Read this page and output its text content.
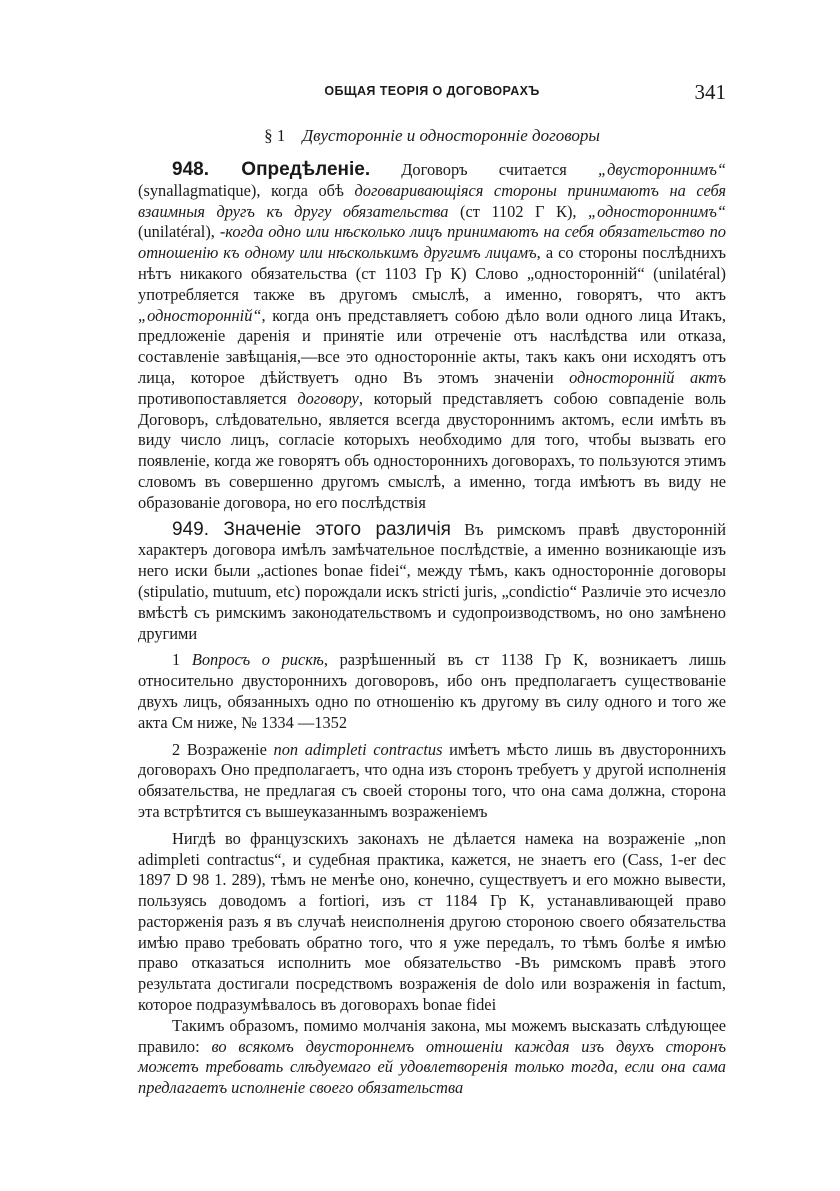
ОБЩАЯ ТЕОРІЯ О ДОГОВОРАХЪ	341
§ 1 Двусторонніе и односторонніе договоры

948. Опредѣленіе. Договоръ считается „двустороннимъ“ (synallagmatique), когда обѣ договаривающіяся стороны принимаютъ на себя взаимныя другъ къ другу обязательства (ст 1102 Г К), „одностороннимъ“ (unilatéral), -когда одно или нѣсколько лицъ принимаютъ на себя обязательство по отношенію къ одному или нѣсколькимъ другимъ лицамъ, а со стороны послѣднихъ нѣтъ никакого обязательства (ст 1103 Гр К) Слово „односторонній“ (unilatéral) употребляется также въ другомъ смыслѣ, а именно, говорятъ, что актъ „односторонній“, когда онъ представляетъ собою дѣло воли одного лица Итакъ, предложеніе даренія и принятіе или отреченіе отъ наслѣдства или отказа, составленіе завѣщанія,—все это односторонніе акты, такъ какъ они исходятъ отъ лица, которое дѣйствуетъ одно Въ этомъ значеніи односторонній актъ противопоставляется договору, который представляетъ собою совпаденіе воль Договоръ, слѣдовательно, является всегда двустороннимъ актомъ, если имѣть въ виду число лицъ, согласіе которыхъ необходимо для того, чтобы вызвать его появленіе, когда же говорятъ объ одностороннихъ договорахъ, то пользуются этимъ словомъ въ совершенно другомъ смыслѣ, а именно, тогда имѣютъ въ виду не образованіе договора, но его послѣдствія

949. Значеніе этого различія Въ римскомъ правѣ двусторонній характеръ договора имѣлъ замѣчательное послѣдствіе, а именно возникающіе изъ него иски были „actiones bonae fidei“, между тѣмъ, какъ односторонніе договоры (stipulatio, mutuum, etc) порождали искъ stricti juris, „condictio“ Различіе это исчезло вмѣстѣ съ римскимъ законодательствомъ и судопроизводствомъ, но оно замѣнено другими

1 Вопросъ о рискѣ, разрѣшенный въ ст 1138 Гр К, возникаетъ лишь относительно двустороннихъ договоровъ, ибо онъ предполагаетъ существованіе двухъ лицъ, обязанныхъ одно по отношенію къ другому въ силу одного и того же акта См ниже, № 1334 —1352

2 Возраженіе non adimpleti contractus имѣетъ мѣсто лишь въ двустороннихъ договорахъ Оно предполагаетъ, что одна изъ сторонъ требуетъ у другой исполненія обязательства, не предлагая съ своей стороны того, что она сама должна, сторона эта встрѣтится съ вышеуказаннымъ возраженіемъ

Нигдѣ во французскихъ законахъ не дѣлается намека на возраженіе „non adimpleti contractus“, и судебная практика, кажется, не знаетъ его (Cass, 1-er dec 1897 D 98 1. 289), тѣмъ не менѣе оно, конечно, существуетъ и его можно вывести, пользуясь доводомъ a fortiori, изъ ст 1184 Гр К, устанавливающей право расторженія разъ я въ случаѣ неисполненія другою стороною своего обязательства имѣю право требовать обратно того, что я уже передалъ, то тѣмъ болѣе я имѣю право отказаться исполнить мое обязательство -Въ римскомъ правѣ этого результата достигали посредствомъ возраженія de dolo или возраженія in factum, которое подразумѣвалось въ договорахъ bonae fidei

Такимъ образомъ, помимо молчанія закона, мы можемъ высказать слѣдующее правило: во всякомъ двустороннемъ отношеніи каждая изъ двухъ сторонъ можетъ требовать слѣдуемаго ей удовлетворенія только тогда, если она сама предлагаетъ исполненіе своего обязательства
